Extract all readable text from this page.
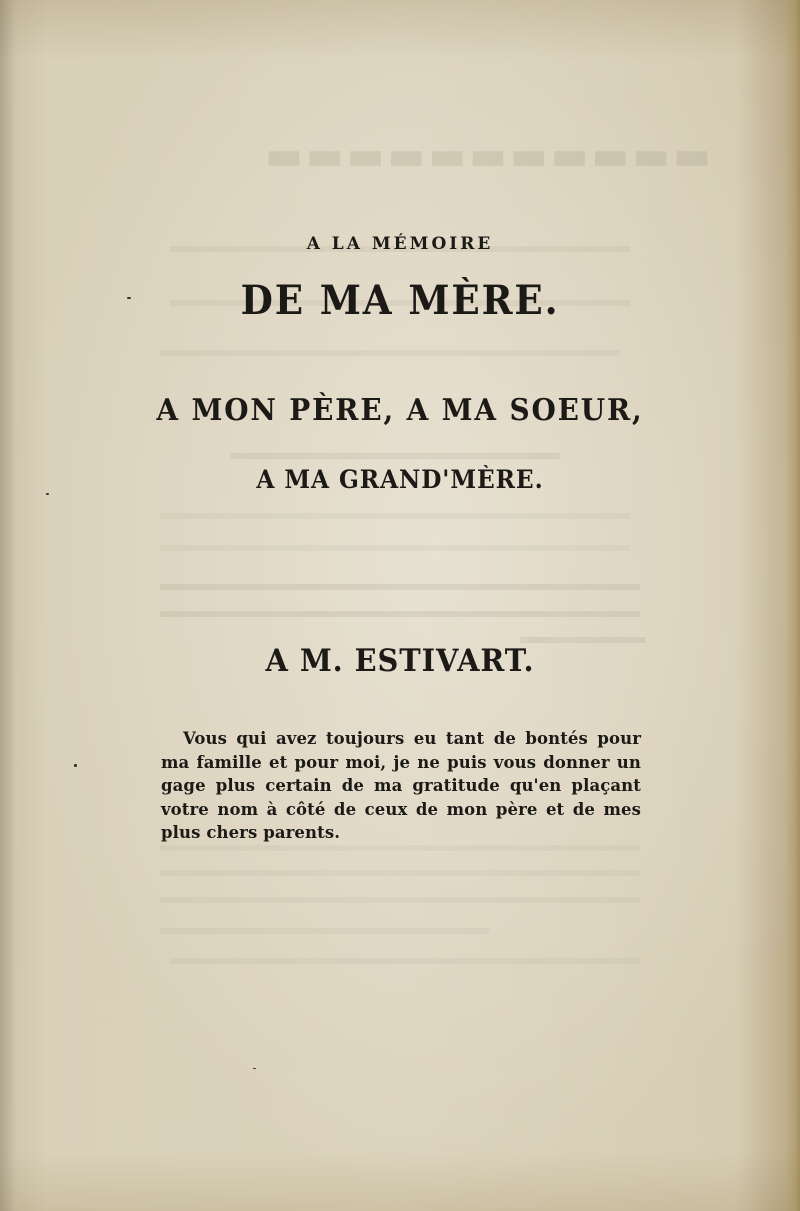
▬▬▬▬▬▬▬▬▬▬▬
A LA MÉMOIRE
DE MA MÈRE.
A MON PÈRE, A MA SOEUR,
A MA GRAND'MÈRE.
A M. ESTIVART.
Vous qui avez toujours eu tant de bontés pour ma famille et pour moi, je ne puis vous donner un gage plus certain de ma gratitude qu'en plaçant votre nom à côté de ceux de mon père et de mes plus chers parents.
